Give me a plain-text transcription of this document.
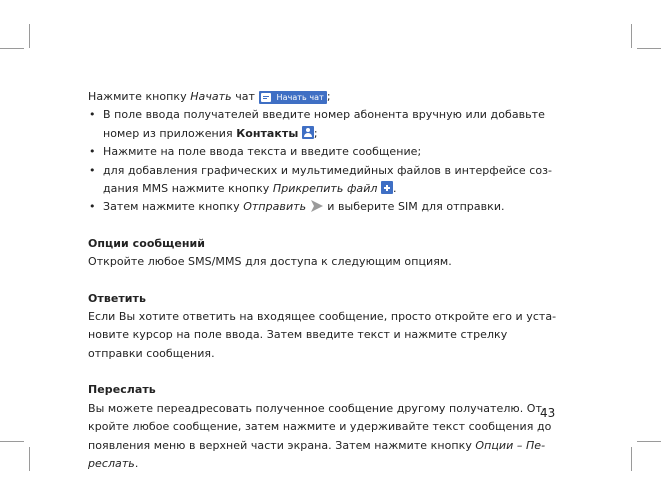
Нажмите кнопку Начать чат Начать чат ;

• В поле ввода получателей введите номер абонента вручную или добавьте номер из приложения Контакты ;
• Нажмите на поле ввода текста и введите сообщение;
• для добавления графических и мультимедийных файлов в интерфейсе соз-дания MMS нажмите кнопку Прикрепить файл .
• Затем нажмите кнопку Отправить  и выберите SIM для отправки.

Опции сообщений

Откройте любое SMS/MMS для доступа к следующим опциям.

Ответить

Если Вы хотите ответить на входящее сообщение, просто откройте его и уста-новите курсор на поле ввода. Затем введите текст и нажмите стрелку отправки сообщения.

Переслать

Вы можете переадресовать полученное сообщение другому получателю. От-кройте любое сообщение, затем нажмите и удерживайте текст сообщения до появления меню в верхней части экрана. Затем нажмите кнопку Опции – Пе-реслать.

43
